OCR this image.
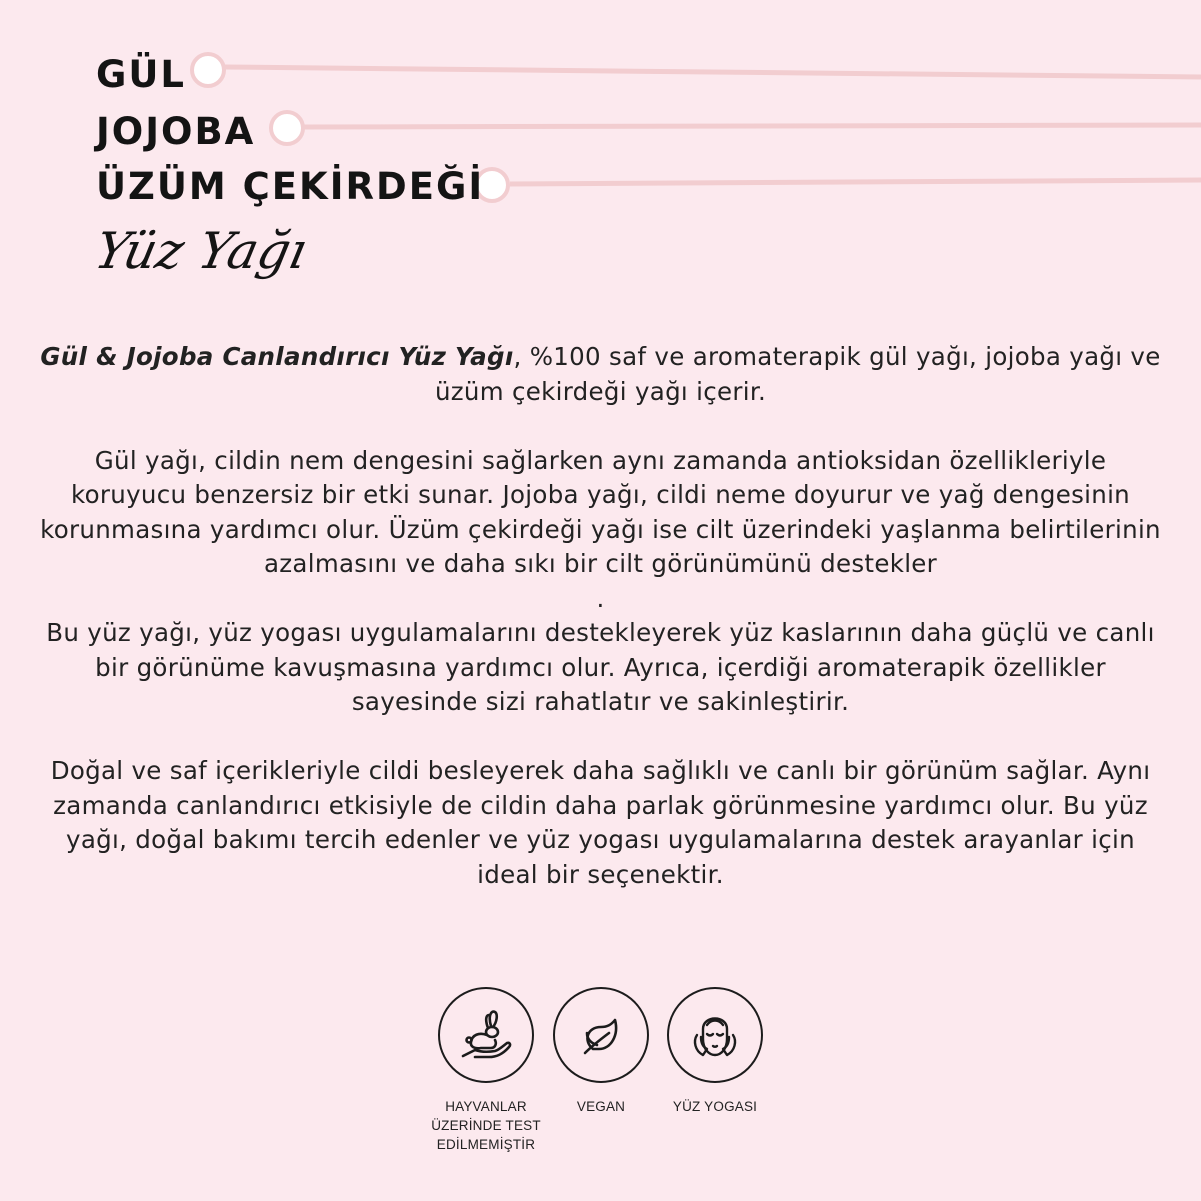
GÜL
JOJOBA
ÜZÜM ÇEKİRDEĞİ
Yüz Yağı

Gül & Jojoba Canlandırıcı Yüz Yağı, %100 saf ve aromaterapik gül yağı, jojoba yağı ve üzüm çekirdeği yağı içerir.

Gül yağı, cildin nem dengesini sağlarken aynı zamanda antioksidan özellikleriyle koruyucu benzersiz bir etki sunar. Jojoba yağı, cildi neme doyurur ve yağ dengesinin korunmasına yardımcı olur. Üzüm çekirdeği yağı ise cilt üzerindeki yaşlanma belirtilerinin azalmasını ve daha sıkı bir cilt görünümünü destekler

.

Bu yüz yağı, yüz yogası uygulamalarını destekleyerek yüz kaslarının daha güçlü ve canlı bir görünüme kavuşmasına yardımcı olur. Ayrıca, içerdiği aromaterapik özellikler sayesinde sizi rahatlatır ve sakinleştirir.

Doğal ve saf içerikleriyle cildi besleyerek daha sağlıklı ve canlı bir görünüm sağlar. Aynı zamanda canlandırıcı etkisiyle de cildin daha parlak görünmesine yardımcı olur. Bu yüz yağı, doğal bakımı tercih edenler ve yüz yogası uygulamalarına destek arayanlar için ideal bir seçenektir.

HAYVANLAR ÜZERİNDE TEST EDİLMEMİŞTİR
VEGAN	YÜZ YOGASI
